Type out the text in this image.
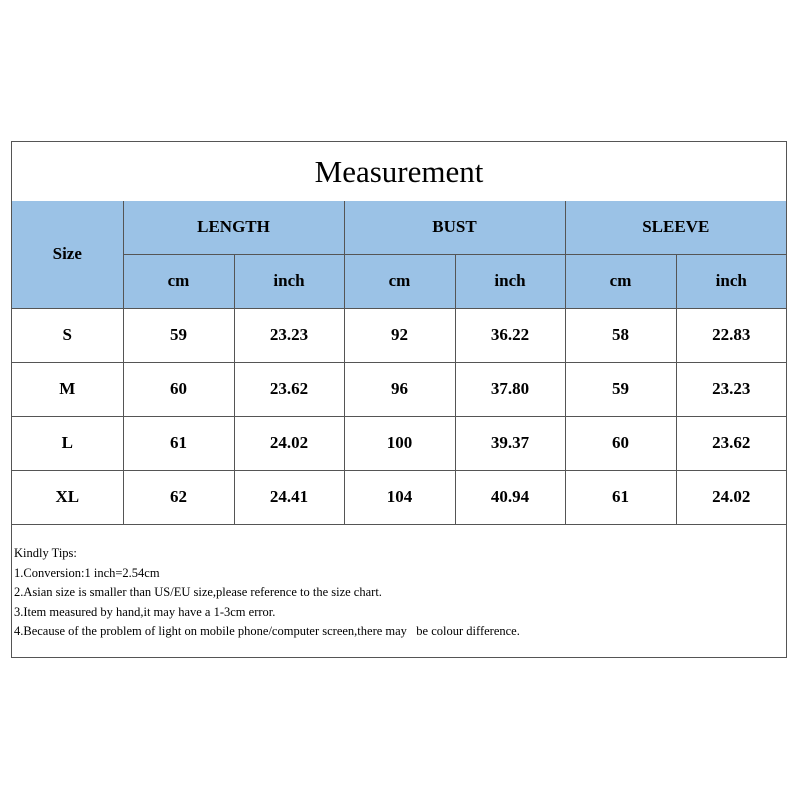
Measurement
Size	LENGTH		BUST		SLEEVE	
	cm	inch	cm	inch	cm	inch
S	59	23.23	92	36.22	58	22.83
M	60	23.62	96	37.80	59	23.23
L	61	24.02	100	39.37	60	23.62
XL	62	24.41	104	40.94	61	24.02
Kindly Tips:
1.Conversion:1 inch=2.54cm
2.Asian size is smaller than US/EU size,please reference to the size chart.
3.Item measured by hand,it may have a 1-3cm error.
4.Because of the problem of light on mobile phone/computer screen,there may   be colour difference.
